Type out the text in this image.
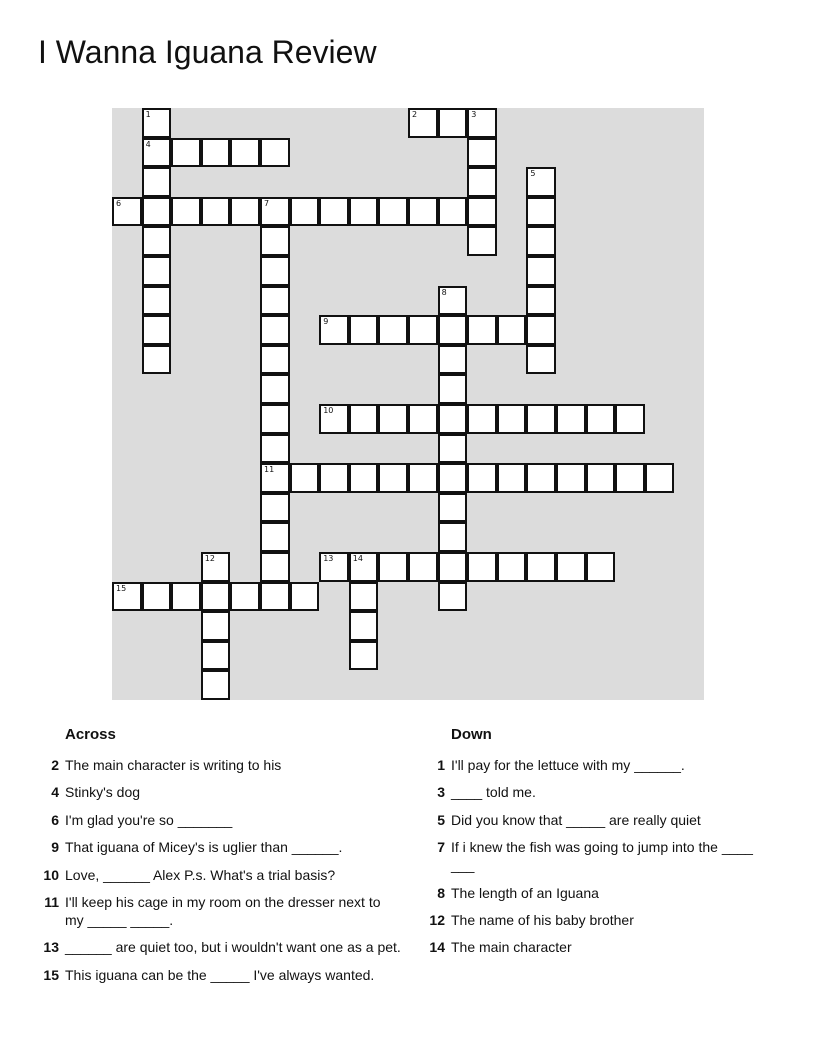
I Wanna Iguana Review
1
4
2	3
5
6	7
11
8
9
10
12	13 14
15
Across
2 The main character is writing to his
4 Stinky's dog
6 I'm glad you're so _______
9 That iguana of Micey's is uglier than ______.
10 Love, ______ Alex P.s. What's a trial basis?
11 I'll keep his cage in my room on the dresser next to my _____ _____.
13 ______ are quiet too, but i wouldn't want one as a pet.
15 This iguana can be the _____ I've always wanted.
Down
1 I'll pay for the lettuce with my ______.
3 ____ told me.
5 Did you know that _____ are really quiet
7 If i knew the fish was going to jump into the ____ ___
8 The length of an Iguana
12 The name of his baby brother
14 The main character
